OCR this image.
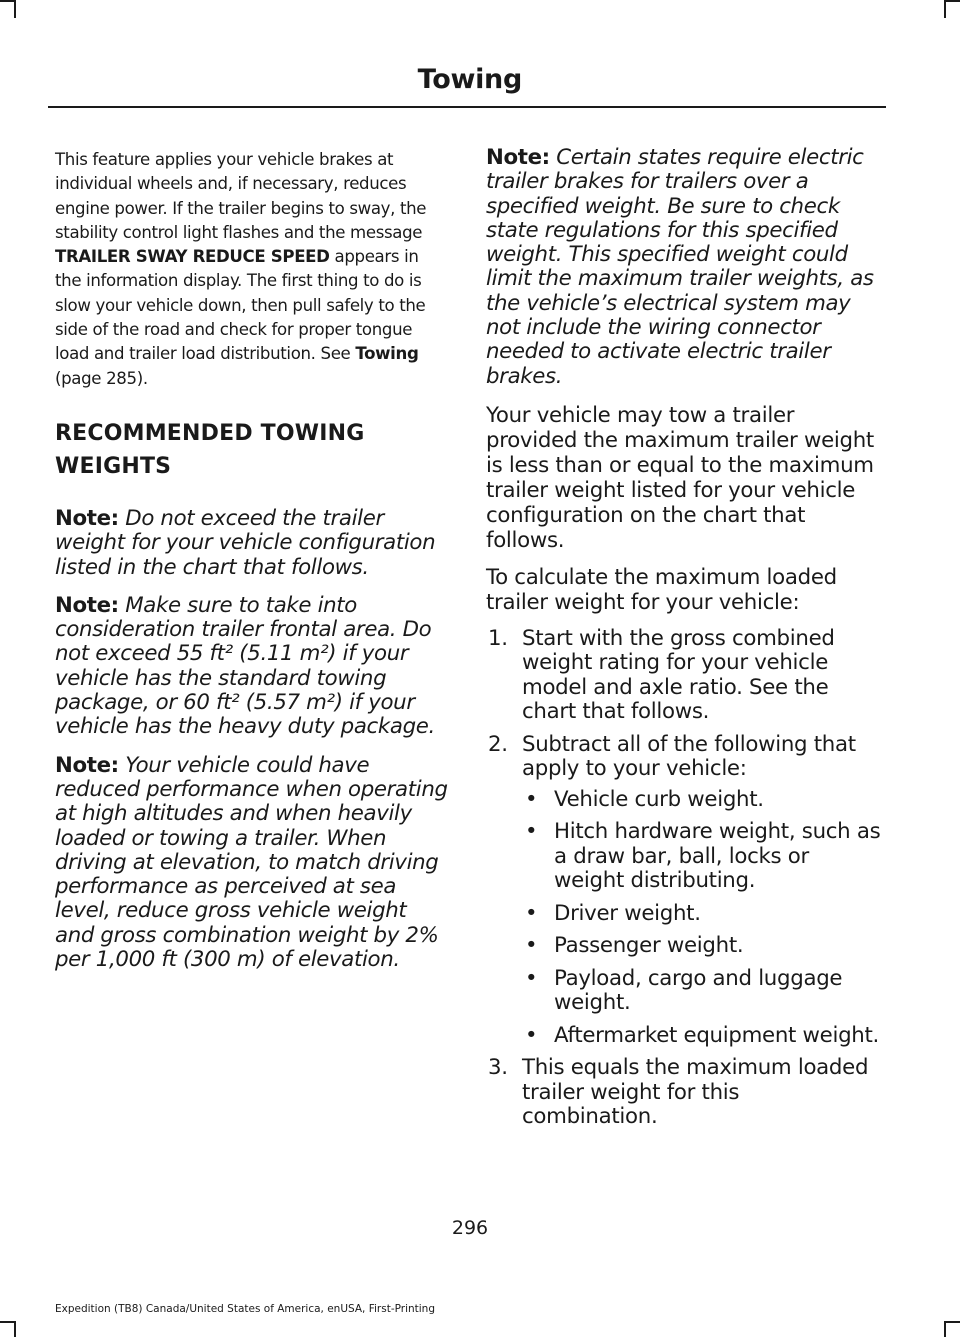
Towing

This feature applies your vehicle brakes at individual wheels and, if necessary, reduces engine power. If the trailer begins to sway, the stability control light flashes and the message TRAILER SWAY REDUCE SPEED appears in the information display. The first thing to do is slow your vehicle down, then pull safely to the side of the road and check for proper tongue load and trailer load distribution. See Towing (page 285).

RECOMMENDED TOWING
WEIGHTS

Note: Do not exceed the trailer weight for your vehicle configuration listed in the chart that follows.

Note: Make sure to take into consideration trailer frontal area. Do not exceed 55 ft² (5.11 m²) if your vehicle has the standard towing package, or 60 ft² (5.57 m²) if your vehicle has the heavy duty package.

Note: Your vehicle could have reduced performance when operating at high altitudes and when heavily loaded or towing a trailer. When driving at elevation, to match driving performance as perceived at sea level, reduce gross vehicle weight and gross combination weight by 2% per 1,000 ft (300 m) of elevation.

Note: Certain states require electric trailer brakes for trailers over a specified weight. Be sure to check state regulations for this specified weight. This specified weight could limit the maximum trailer weights, as the vehicle’s electrical system may not include the wiring connector needed to activate electric trailer brakes.

Your vehicle may tow a trailer provided the maximum trailer weight is less than or equal to the maximum trailer weight listed for your vehicle configuration on the chart that follows.

To calculate the maximum loaded trailer weight for your vehicle:

1. Start with the gross combined weight rating for your vehicle model and axle ratio. See the chart that follows.
2. Subtract all of the following that apply to your vehicle:
• Vehicle curb weight.
• Hitch hardware weight, such as a draw bar, ball, locks or weight distributing.
• Driver weight.
• Passenger weight.
• Payload, cargo and luggage weight.
• Aftermarket equipment weight.
3. This equals the maximum loaded trailer weight for this combination.

296

Expedition (TB8) Canada/United States of America, enUSA, First-Printing
